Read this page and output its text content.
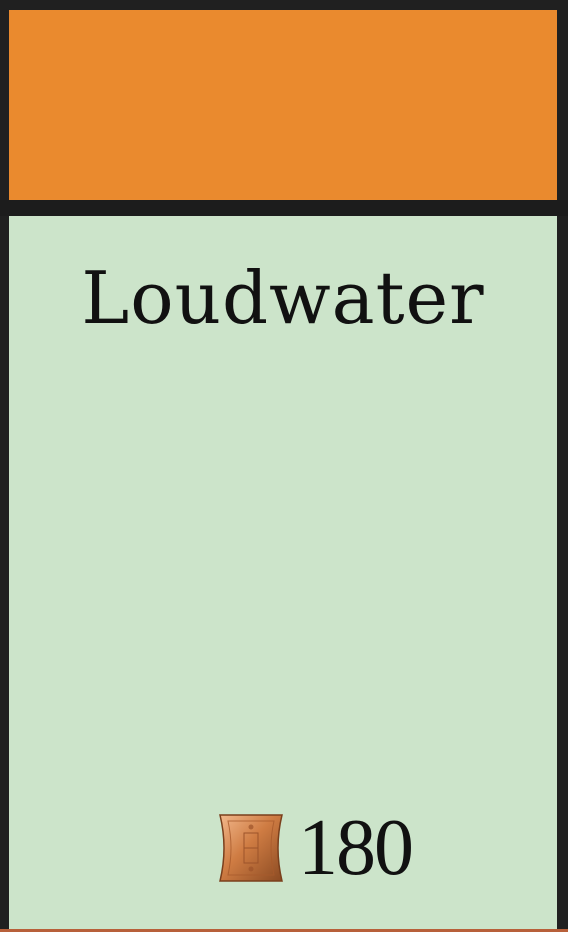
Loudwater
180
